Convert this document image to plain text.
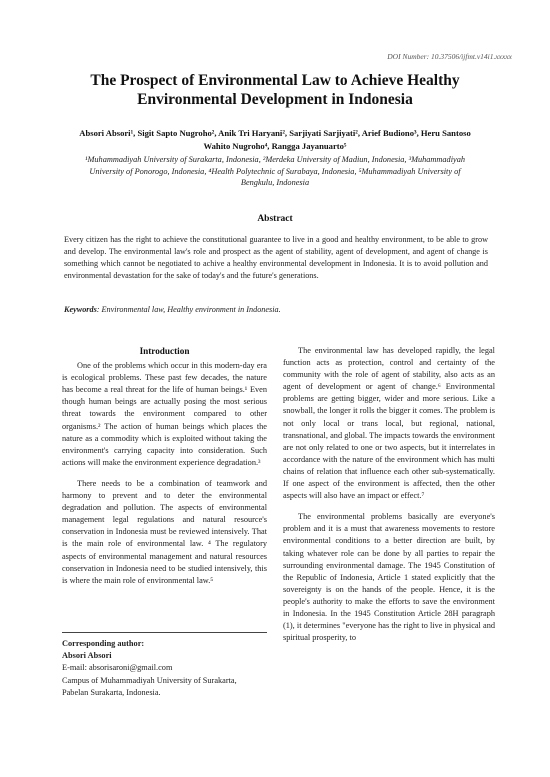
DOI Number: 10.37506/ijfmt.v14i1.xxxxx
The Prospect of Environmental Law to Achieve Healthy
Environmental Development in Indonesia
Absori Absori¹, Sigit Sapto Nugroho², Anik Tri Haryani², Sarjiyati Sarjiyati², Arief Budiono³, Heru Santoso
Wahito Nugroho⁴, Rangga Jayanuarto⁵
¹Muhammadiyah University of Surakarta, Indonesia, ²Merdeka University of Madiun, Indonesia, ³Muhammadiyah
University of Ponorogo, Indonesia, ⁴Health Polytechnic of Surabaya, Indonesia, ⁵Muhammadiyah University of
Bengkulu, Indonesia
Abstract
Every citizen has the right to achieve the constitutional guarantee to live in a good and healthy environment, to be able to grow and develop. The environmental law's role and prospect as the agent of stability, agent of development, and agent of change is something which cannot be negotiated to achive a healthy environmental development in Indonesia. It is to avoid pollution and environmental devastation for the sake of today's and the future's generations.
Keywords: Environmental law, Healthy environment in Indonesia.
Introduction

One of the problems which occur in this modern-day era is ecological problems. These past few decades, the nature has become a real threat for the life of human beings.¹ Even though human beings are actually posing the most serious threat towards the environment compared to other organisms.² The action of human beings which places the nature as a commodity which is exploited without taking the environment's carrying capacity into consideration. Such actions will make the environment experience degradation.³

There needs to be a combination of teamwork and harmony to prevent and to deter the environmental degradation and pollution. The aspects of environmental management legal regulations and natural resource's conservation in Indonesia must be reviewed intensively. That is the main role of environmental law. ⁴ The regulatory aspects of environmental management and natural resources conservation in Indonesia need to be studied intensively, this is where the main role of environmental law.⁵

The environmental law has developed rapidly, the legal function acts as protection, control and certainty of the community with the role of agent of stability, also acts as an agent of development or agent of change.⁶ Environmental problems are getting bigger, wider and more serious. Like a snowball, the longer it rolls the bigger it comes. The problem is not only local or trans local, but regional, national, transnational, and global. The impacts towards the environment are not only related to one or two aspects, but it interrelates in accordance with the nature of the environment which has multi chains of relation that influence each other sub-systematically. If one aspect of the environment is affected, then the other aspects will also have an impact or effect.⁷

The environmental problems basically are everyone's problem and it is a must that awareness movements to restore environmental conditions to a better direction are built, by taking whatever role can be done by all parties to repair the surrounding environmental damage. The 1945 Constitution of the Republic of Indonesia, Article 1 stated explicitly that the sovereignty is on the hands of the people. Hence, it is the people's authority to make the efforts to save the environment in Indonesia. In the 1945 Constitution Article 28H paragraph (1), it determines "everyone has the right to live in physical and spiritual prosperity, to

Corresponding author:
Absori Absori
E-mail: absorisaroni@gmail.com
Campus of Muhammadiyah University of Surakarta,
Pabelan Surakarta, Indonesia.
